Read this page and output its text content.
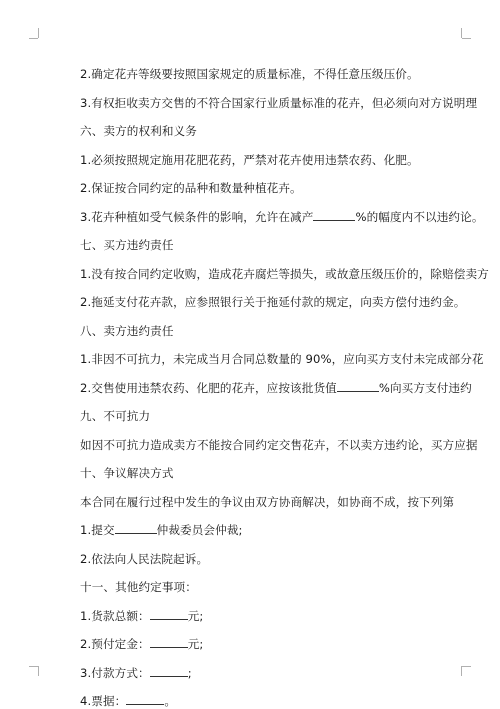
2.确定花卉等级要按照国家规定的质量标准，不得任意压级压价。
3.有权拒收卖方交售的不符合国家行业质量标准的花卉，但必须向对方说明理
六、卖方的权利和义务
1.必须按照规定施用花肥花药，严禁对花卉使用违禁农药、化肥。
2.保证按合同约定的品种和数量种植花卉。
3.花卉种植如受气候条件的影响，允许在减产	%的幅度内不以违约论。
七、买方违约责任
1.没有按合同约定收购，造成花卉腐烂等损失，或故意压级压价的，除赔偿卖方
2.拖延支付花卉款，应参照银行关于拖延付款的规定，向卖方偿付违约金。
八、卖方违约责任
1.非因不可抗力，未完成当月合同总数量的 90%，应向买方支付未完成部分花
2.交售使用违禁农药、化肥的花卉，应按该批货值	%向买方支付违约
九、不可抗力
如因不可抗力造成卖方不能按合同约定交售花卉，不以卖方违约论，买方应据
十、争议解决方式
本合同在履行过程中发生的争议由双方协商解决，如协商不成，按下列第
1.提交	仲裁委员会仲裁;
2.依法向人民法院起诉。
十一、其他约定事项：
1.货款总额：	元;
2.预付定金：	元;
3.付款方式：	;
4.票据：	。
